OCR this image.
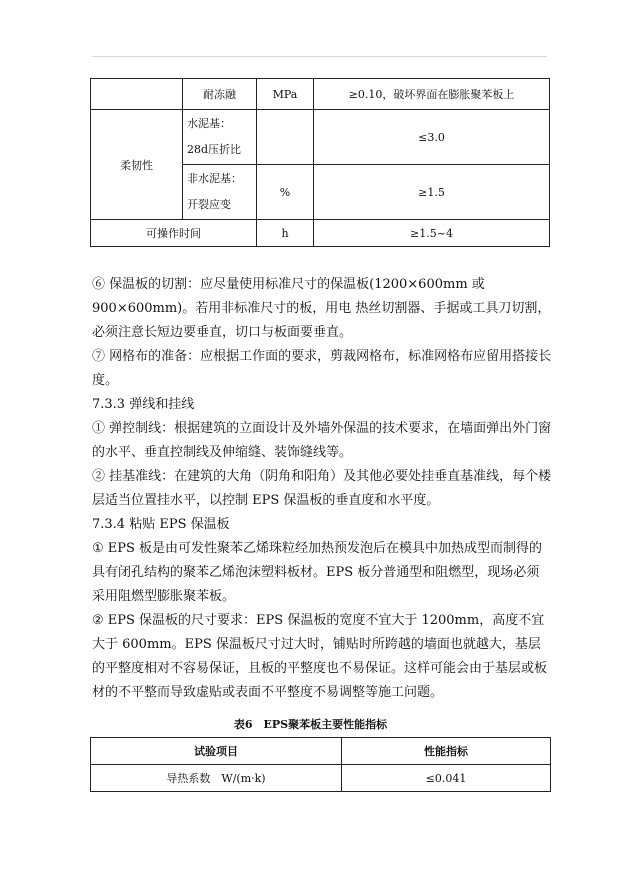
	耐冻融	MPa	≥0.10，破坏界面在膨胀聚苯板上
柔韧性	水泥基：28d压折比		≤3.0
	非水泥基：开裂应变	%	≥1.5
可操作时间		h	≥1.5~4

⑥ 保温板的切割：应尽量使用标准尺寸的保温板(1200×600mm 或 900×600mm)。若用非标准尺寸的板，用电 热丝切割器、手据或工具刀切割，必须注意长短边要垂直，切口与板面要垂直。

⑦ 网格布的准备：应根据工作面的要求，剪裁网格布，标准网格布应留用搭接长度。

7.3.3 弹线和挂线

① 弹控制线：根据建筑的立面设计及外墙外保温的技术要求，在墙面弹出外门窗的水平、垂直控制线及伸缩缝、装饰缝线等。

② 挂基准线：在建筑的大角（阴角和阳角）及其他必要处挂垂直基准线，每个楼层适当位置挂水平，以控制 EPS 保温板的垂直度和水平度。

7.3.4 粘贴 EPS 保温板

① EPS 板是由可发性聚苯乙烯珠粒经加热预发泡后在模具中加热成型而制得的具有闭孔结构的聚苯乙烯泡沫塑料板材。EPS 板分普通型和阻燃型，现场必须采用阻燃型膨胀聚苯板。

② EPS 保温板的尺寸要求：EPS 保温板的宽度不宜大于 1200mm，高度不宜大于 600mm。EPS 保温板尺寸过大时，铺贴时所跨越的墙面也就越大，基层的平整度相对不容易保证，且板的平整度也不易保证。这样可能会由于基层或板材的不平整而导致虚贴或表面不平整度不易调整等施工问题。

表6　EPS聚苯板主要性能指标
试验项目	性能指标
导热系数　W/(m·k)	≤0.041
